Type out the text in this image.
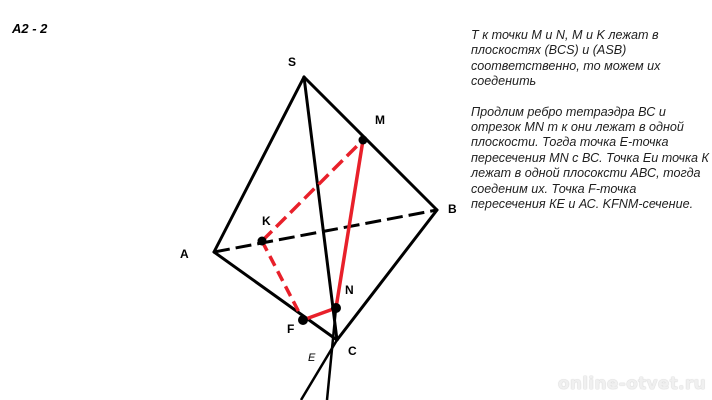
А2 - 2
S
M
B
K
A
N
F
E	C

Т к точки M и N, M и K лежат в плоскостях (BCS) и (ASB) соответственно, то можем их соеденить

Продлим ребро тетраэдра ВС и отрезок MN т к они лежат в одной плоскости. Тогда точка Е-точка пересечения MN с ВС. Точка Еи точка К лежат в одной плосоксти АВС, тогда соеденим их. Точка F-точка пересечения КЕ и АС. KFNM-сечение.

online-otvet.ru
